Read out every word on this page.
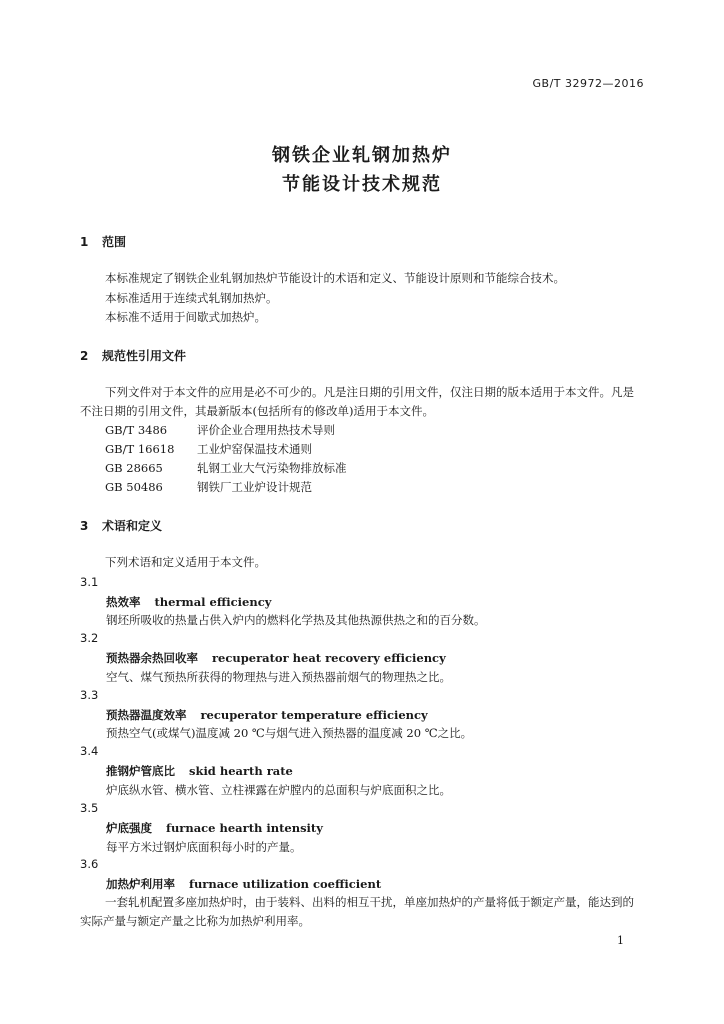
GB/T 32972—2016
钢铁企业轧钢加热炉
节能设计技术规范
1 范围
本标准规定了钢铁企业轧钢加热炉节能设计的术语和定义、节能设计原则和节能综合技术。
本标准适用于连续式轧钢加热炉。
本标准不适用于间歇式加热炉。
2 规范性引用文件
下列文件对于本文件的应用是必不可少的。凡是注日期的引用文件，仅注日期的版本适用于本文件。凡是不注日期的引用文件，其最新版本(包括所有的修改单)适用于本文件。
GB/T 3486	评价企业合理用热技术导则
GB/T 16618 工业炉窑保温技术通则
GB 28665	轧钢工业大气污染物排放标准
GB 50486	钢铁厂工业炉设计规范
3 术语和定义
下列术语和定义适用于本文件。
3.1
热效率 thermal efficiency
钢坯所吸收的热量占供入炉内的燃料化学热及其他热源供热之和的百分数。
3.2
预热器余热回收率 recuperator heat recovery efficiency
空气、煤气预热所获得的物理热与进入预热器前烟气的物理热之比。
3.3
预热器温度效率 recuperator temperature efficiency
预热空气(或煤气)温度减 20 ℃与烟气进入预热器的温度减 20 ℃之比。
3.4
推钢炉管底比 skid hearth rate
炉底纵水管、横水管、立柱裸露在炉膛内的总面积与炉底面积之比。
3.5
炉底强度 furnace hearth intensity
每平方米过钢炉底面积每小时的产量。
3.6
加热炉利用率 furnace utilization coefficient
一套轧机配置多座加热炉时，由于装料、出料的相互干扰，单座加热炉的产量将低于额定产量，能达到的实际产量与额定产量之比称为加热炉利用率。
1
